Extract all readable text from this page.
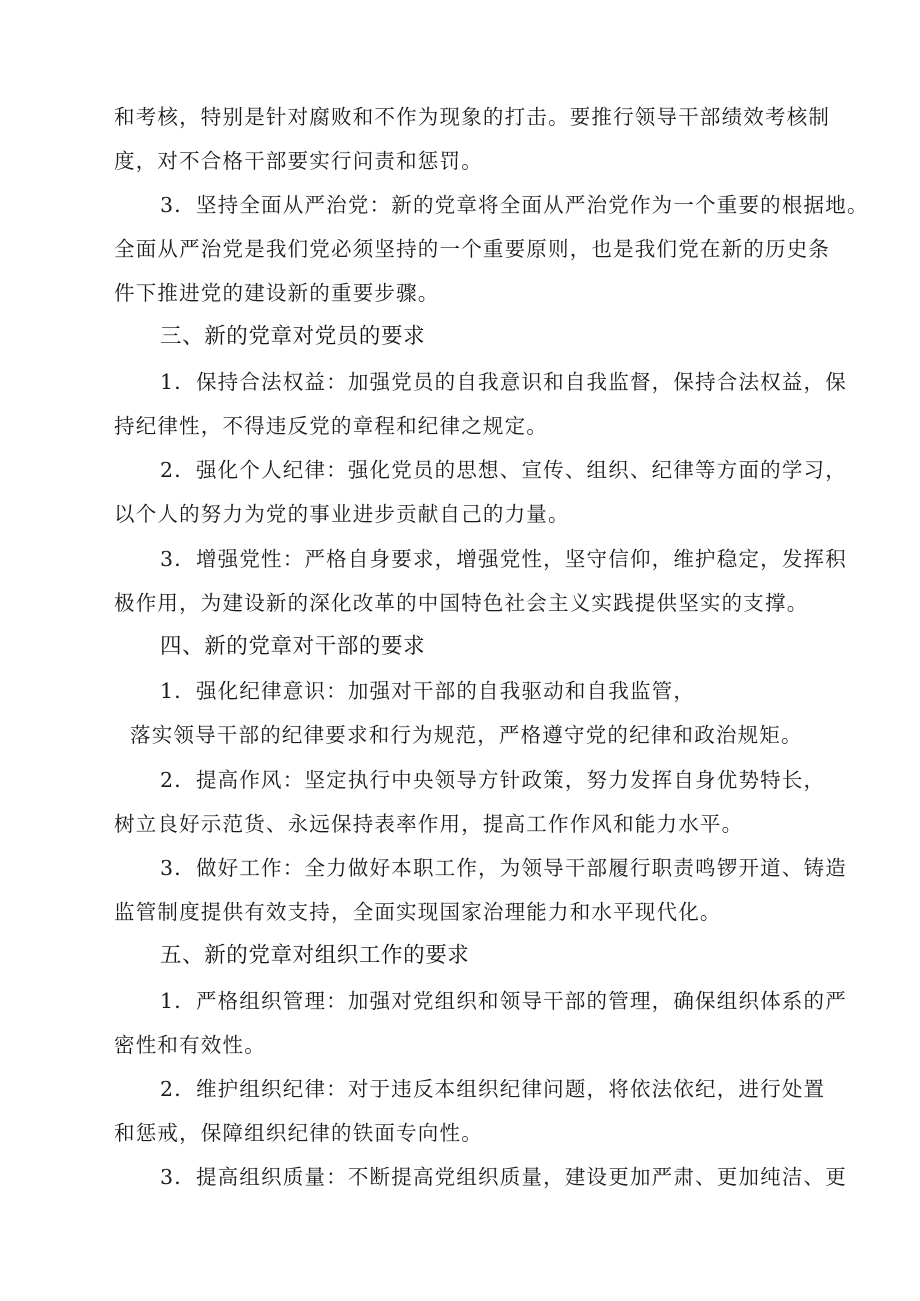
和考核，特别是针对腐败和不作为现象的打击。要推行领导干部绩效考核制

度，对不合格干部要实行问责和惩罚。

3．坚持全面从严治党：新的党章将全面从严治党作为一个重要的根据地。

全面从严治党是我们党必须坚持的一个重要原则，也是我们党在新的历史条

件下推进党的建设新的重要步骤。

三、新的党章对党员的要求

1．保持合法权益：加强党员的自我意识和自我监督，保持合法权益，保

持纪律性，不得违反党的章程和纪律之规定。

2．强化个人纪律：强化党员的思想、宣传、组织、纪律等方面的学习，

以个人的努力为党的事业进步贡献自己的力量。

3．增强党性：严格自身要求，增强党性，坚守信仰，维护稳定，发挥积

极作用，为建设新的深化改革的中国特色社会主义实践提供坚实的支撑。

四、新的党章对干部的要求

1．强化纪律意识：加强对干部的自我驱动和自我监管，

落实领导干部的纪律要求和行为规范，严格遵守党的纪律和政治规矩。

2．提高作风：坚定执行中央领导方针政策，努力发挥自身优势特长，

树立良好示范货、永远保持表率作用，提高工作作风和能力水平。

3．做好工作：全力做好本职工作，为领导干部履行职责鸣锣开道、铸造

监管制度提供有效支持，全面实现国家治理能力和水平现代化。

五、新的党章对组织工作的要求

1．严格组织管理：加强对党组织和领导干部的管理，确保组织体系的严

密性和有效性。

2．维护组织纪律：对于违反本组织纪律问题，将依法依纪，进行处置

和惩戒，保障组织纪律的铁面专向性。

3．提高组织质量：不断提高党组织质量，建设更加严肃、更加纯洁、更
